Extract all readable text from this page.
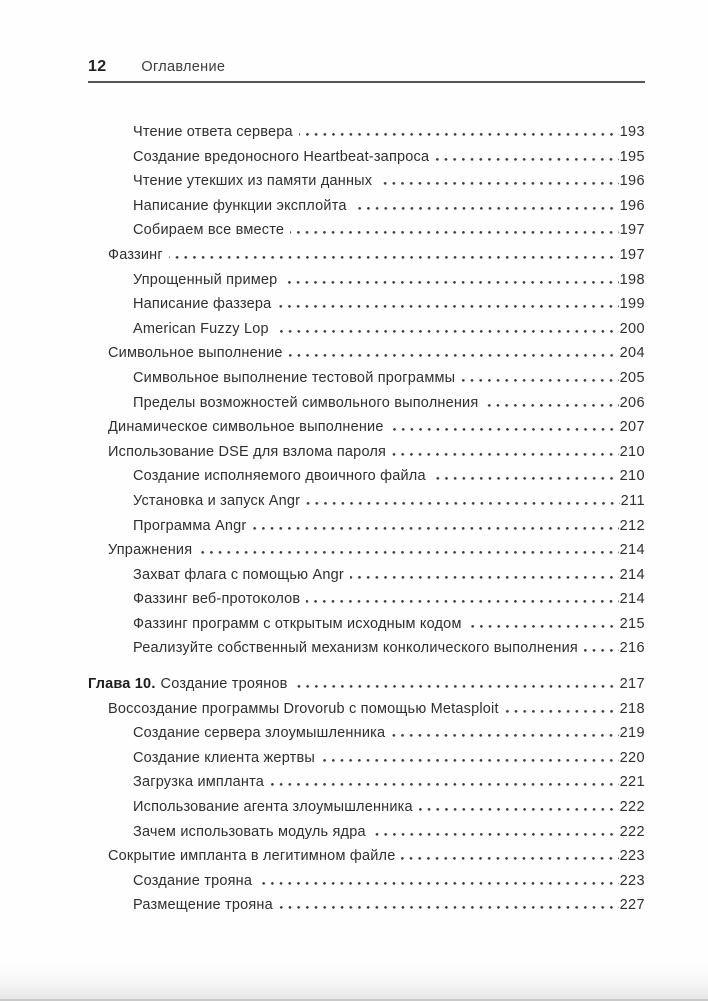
12 Оглавление
Чтение ответа сервера	193
Создание вредоносного Heartbeat-запроса	195
Чтение утекших из памяти данных	196
Написание функции эксплойта	196
Собираем все вместе	197
Фаззинг	197
Упрощенный пример	198
Написание фаззера	199
American Fuzzy Lop	200
Символьное выполнение	204
Символьное выполнение тестовой программы	205
Пределы возможностей символьного выполнения	206
Динамическое символьное выполнение	207
Использование DSE для взлома пароля	210
Создание исполняемого двоичного файла	210
Установка и запуск Angr	211
Программа Angr	212
Упражнения	214
Захват флага с помощью Angr	214
Фаззинг веб-протоколов	214
Фаззинг программ с открытым исходным кодом	215
Реализуйте собственный механизм конколического выполнения	216
Глава 10. Создание троянов	217
Воссоздание программы Drovorub с помощью Metasploit	218
Создание сервера злоумышленника	219
Создание клиента жертвы	220
Загрузка импланта	221
Использование агента злоумышленника	222
Зачем использовать модуль ядра	222
Сокрытие импланта в легитимном файле	223
Создание трояна	223
Размещение трояна	227
